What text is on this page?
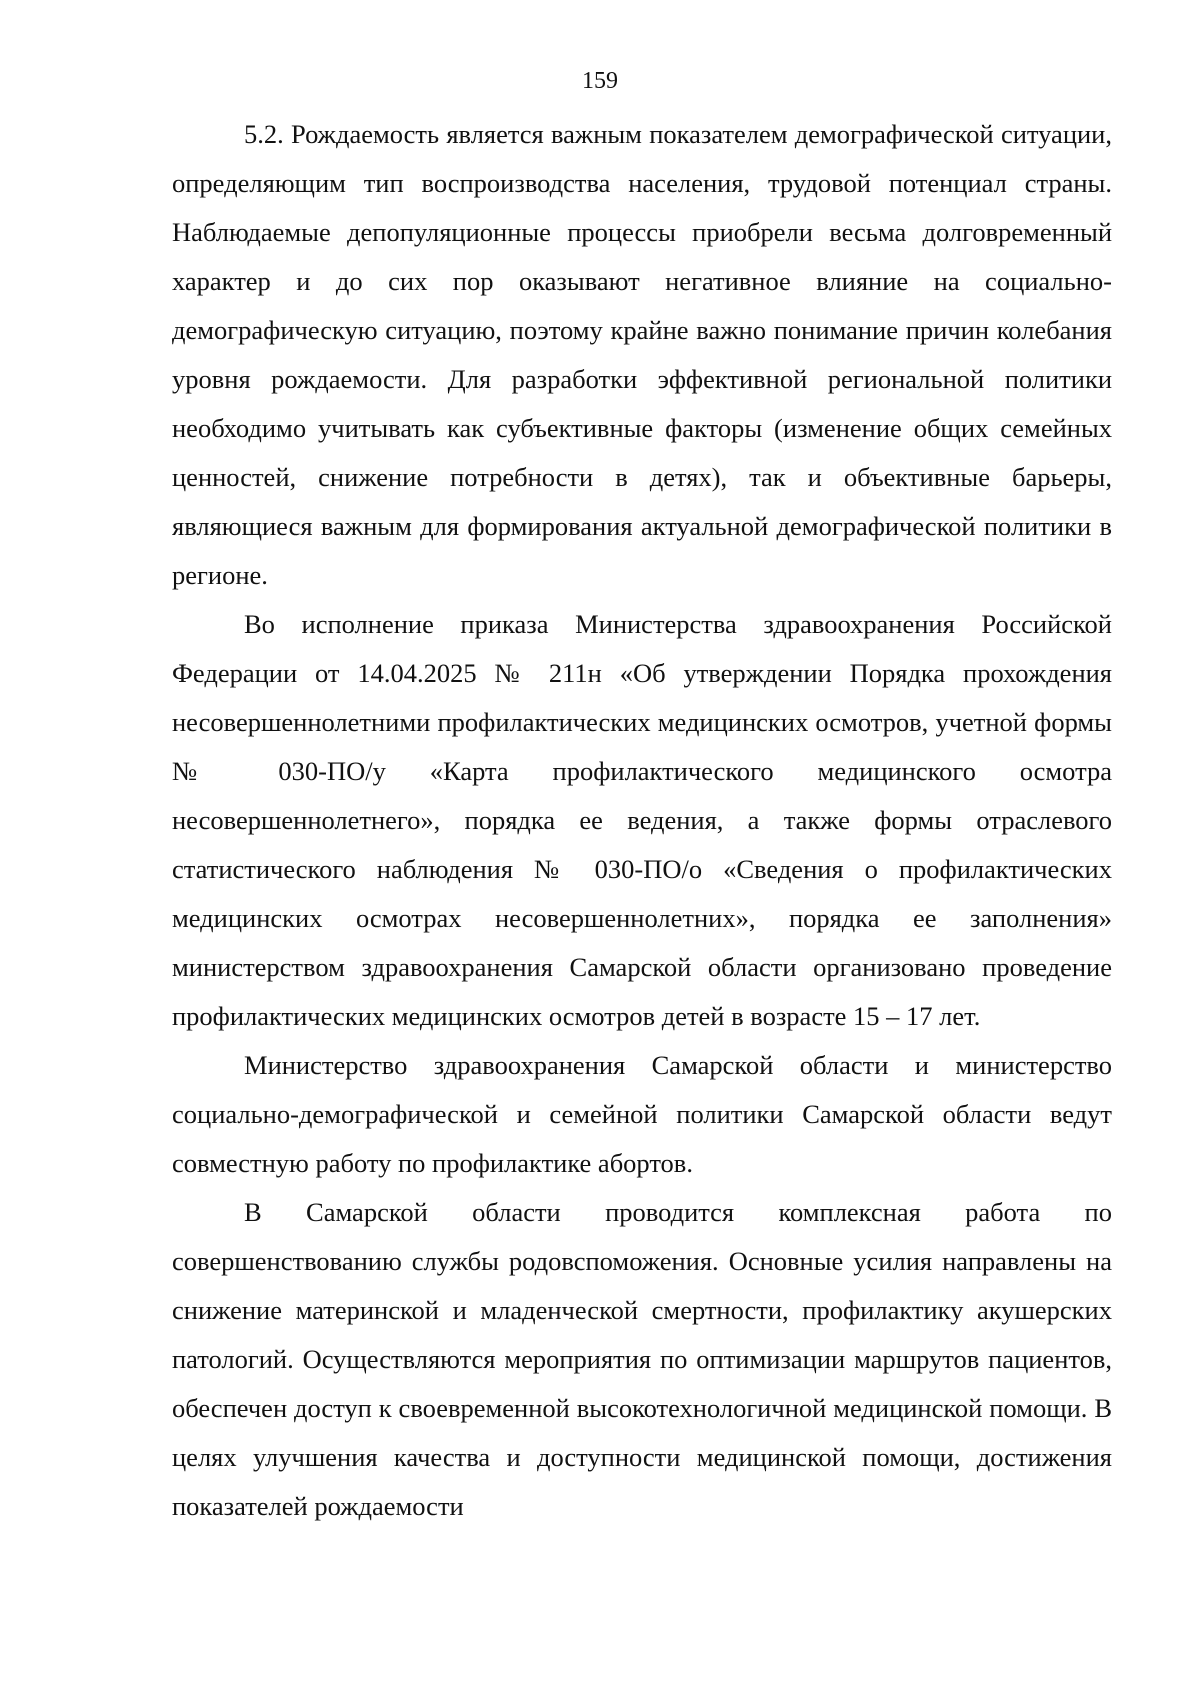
159

5.2. Рождаемость является важным показателем демографической ситуации, определяющим тип воспроизводства населения, трудовой потенциал страны. Наблюдаемые депопуляционные процессы приобрели весьма долговременный характер и до сих пор оказывают негативное влияние на социально-демографическую ситуацию, поэтому крайне важно понимание причин колебания уровня рождаемости. Для разработки эффективной региональной политики необходимо учитывать как субъективные факторы (изменение общих семейных ценностей, снижение потребности в детях), так и объективные барьеры, являющиеся важным для формирования актуальной демографической политики в регионе.

Во исполнение приказа Министерства здравоохранения Российской Федерации от 14.04.2025 № 211н «Об утверждении Порядка прохождения несовершеннолетними профилактических медицинских осмотров, учетной формы № 030-ПО/у «Карта профилактического медицинского осмотра несовершеннолетнего», порядка ее ведения, а также формы отраслевого статистического наблюдения № 030-ПО/о «Сведения о профилактических медицинских осмотрах несовершеннолетних», порядка ее заполнения» министерством здравоохранения Самарской области организовано проведение профилактических медицинских осмотров детей в возрасте 15 – 17 лет.

Министерство здравоохранения Самарской области и министерство социально-демографической и семейной политики Самарской области ведут совместную работу по профилактике абортов.

В Самарской области проводится комплексная работа по совершенствованию службы родовспоможения. Основные усилия направлены на снижение материнской и младенческой смертности, профилактику акушерских патологий. Осуществляются мероприятия по оптимизации маршрутов пациентов, обеспечен доступ к своевременной высокотехнологичной медицинской помощи. В целях улучшения качества и доступности медицинской помощи, достижения показателей рождаемости
